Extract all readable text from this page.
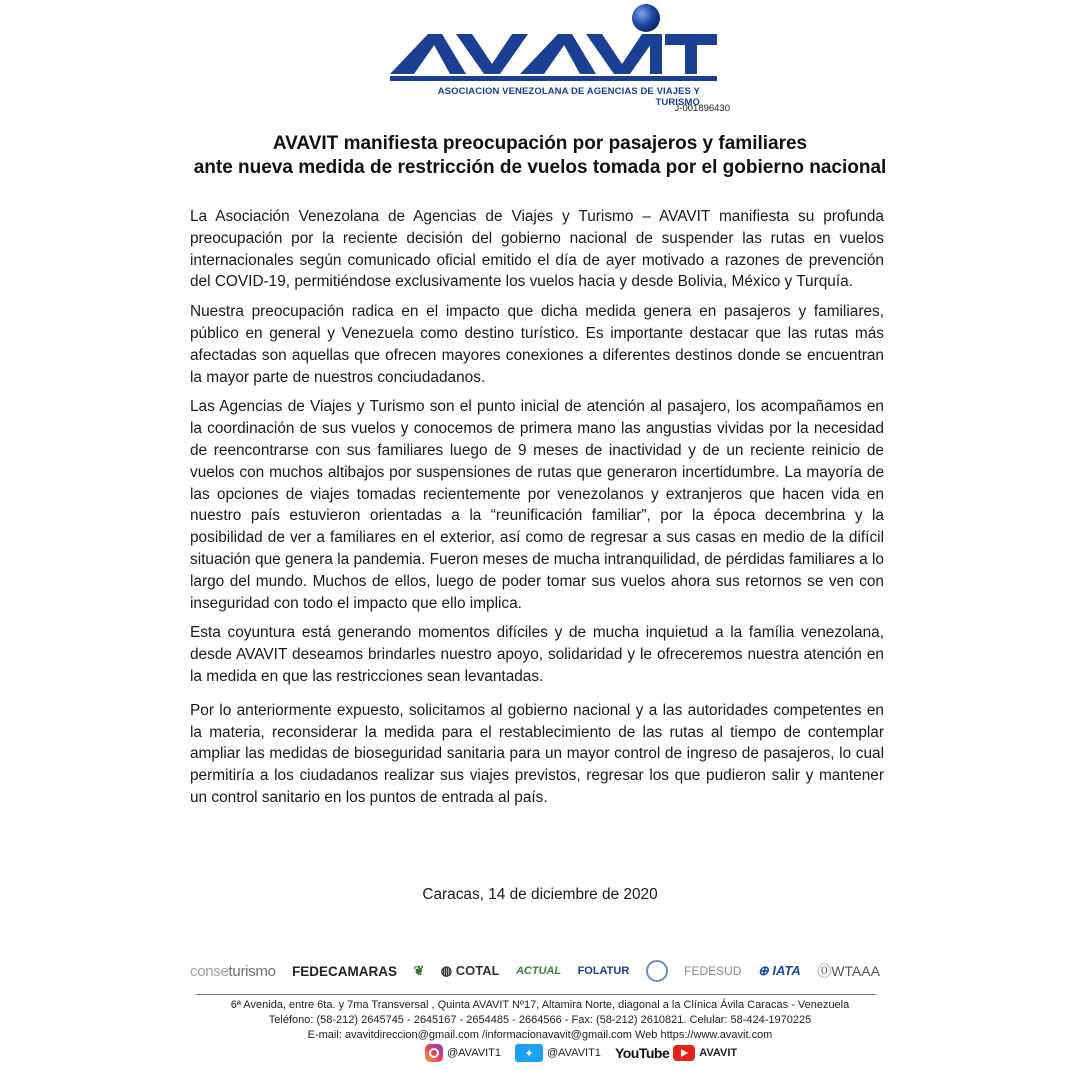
ASOCIACION VENEZOLANA DE AGENCIAS DE VIAJES Y TURISMO
J-001896430
AVAVIT manifiesta preocupación por pasajeros y familiares
ante nueva medida de restricción de vuelos tomada por el gobierno nacional

La Asociación Venezolana de Agencias de Viajes y Turismo – AVAVIT manifiesta su profunda preocupación por la reciente decisión del gobierno nacional de suspender las rutas en vuelos internacionales según comunicado oficial emitido el día de ayer motivado a razones de prevención del COVID-19, permitiéndose exclusivamente los vuelos hacia y desde Bolivia, México y Turquía.

Nuestra preocupación radica en el impacto que dicha medida genera en pasajeros y familiares, público en general y Venezuela como destino turístico. Es importante destacar que las rutas más afectadas son aquellas que ofrecen mayores conexiones a diferentes destinos donde se encuentran la mayor parte de nuestros conciudadanos.

Las Agencias de Viajes y Turismo son el punto inicial de atención al pasajero, los acompañamos en la coordinación de sus vuelos y conocemos de primera mano las angustias vividas por la necesidad de reencontrarse con sus familiares luego de 9 meses de inactividad y de un reciente reinicio de vuelos con muchos altibajos por suspensiones de rutas que generaron incertidumbre. La mayoría de las opciones de viajes tomadas recientemente por venezolanos y extranjeros que hacen vida en nuestro país estuvieron orientadas a la “reunificación familiar”, por la época decembrina y la posibilidad de ver a familiares en el exterior, así como de regresar a sus casas en medio de la difícil situación que genera la pandemia. Fueron meses de mucha intranquilidad, de pérdidas familiares a lo largo del mundo. Muchos de ellos, luego de poder tomar sus vuelos ahora sus retornos se ven con inseguridad con todo el impacto que ello implica.

Esta coyuntura está generando momentos difíciles y de mucha inquietud a la família venezolana, desde AVAVIT deseamos brindarles nuestro apoyo, solidaridad y le ofreceremos nuestra atención en la medida en que las restricciones sean levantadas.

Por lo anteriormente expuesto, solicitamos al gobierno nacional y a las autoridades competentes en la materia, reconsiderar la medida para el restablecimiento de las rutas al tiempo de contemplar ampliar las medidas de bioseguridad sanitaria para un mayor control de ingreso de pasajeros, lo cual permitiría a los ciudadanos realizar sus viajes previstos, regresar los que pudieron salir y mantener un control sanitario en los puntos de entrada al país.

Caracas, 14 de diciembre de 2020
conseturismo FEDECAMARAS ❦ ◍ COTAL ACTUAL FOLATUR	FEDESUD ⊕ IATA ⓪WTAAA
6ª Avenida, entre 6ta. y 7ma Transversal , Quinta AVAVIT Nº17, Altamira Norte, diagonal a la Clínica Ávila Caracas - Venezuela
Teléfono: (58-212) 2645745 - 2645167 - 2654485 - 2664566 - Fax: (58-212) 2610821. Celular: 58-424-1970225
E-mail: avavitdireccion@gmail.com /informacionavavit@gmail.com Web https://www.avavit.com
@AVAVIT1	✦	@AVAVIT1 YouTube	AVAVIT
